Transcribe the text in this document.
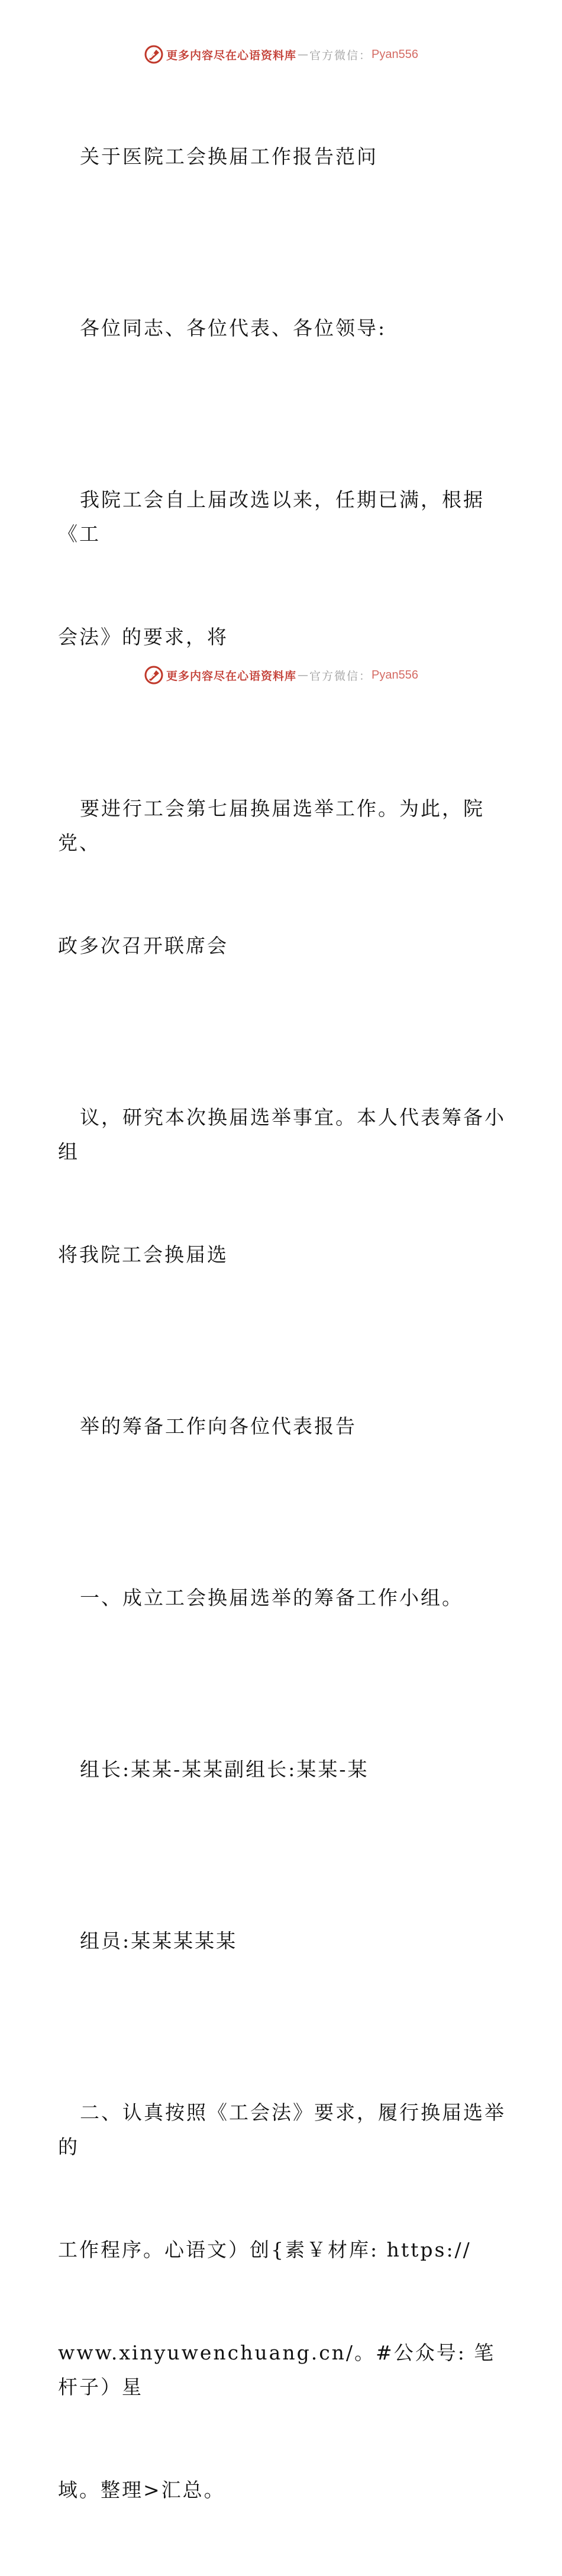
更多内容尽在心语资料库 — 官方微信： Pyan556

关于医院工会换届工作报告范问

各位同志、各位代表、各位领导:

我院工会自上届改选以来，任期已满，根据《工

会法》的要求，将

要进行工会第七届换届选举工作。为此，院党、

政多次召开联席会

议，研究本次换届选举事宜。本人代表筹备小组

将我院工会换届选

举的筹备工作向各位代表报告

一、成立工会换届选举的筹备工作小组。

组长:某某-某某副组长:某某-某

组员:某某某某某

二、认真按照《工会法》要求，履行换届选举的

工作程序。心语文）创{素￥材库: https://

www.xinyuwenchuang.cn/。#公众号: 笔杆子）星

域。整理>汇总。

更多内容尽在心语资料库 — 官方微信： Pyan556
